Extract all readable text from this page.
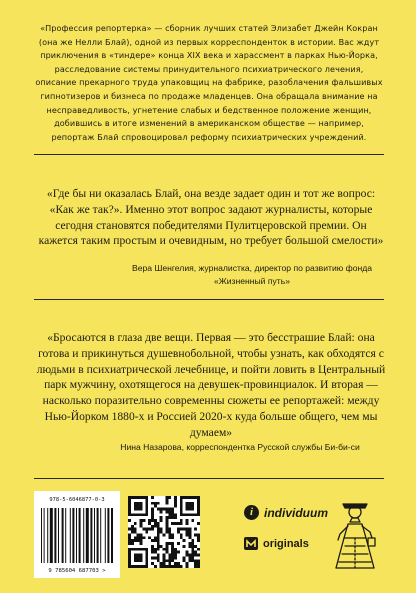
«Профессия репортерка» — сборник лучших статей Элизабет Джейн Кокран (она же Нелли Блай), одной из первых корреспонденток в истории. Вас ждут приключения в «тиндере» конца XIX века и харассмент в парках Нью-Йорка, расследование системы принудительного психиатрического лечения, описание прекарного труда упаковщиц на фабрике, разоблачения фальшивых гипнотизеров и бизнеса по продаже младенцев. Она обращала внимание на несправедливость, угнетение слабых и бедственное положение женщин, добившись в итоге изменений в американском обществе — например, репортаж Блай спровоцировал реформу психиатрических учреждений.

«Где бы ни оказалась Блай, она везде задает один и тот же вопрос: «Как же так?». Именно этот вопрос задают журналисты, которые сегодня становятся победителями Пулитцеровской премии. Он кажется таким простым и очевидным, но требует большой смелости»

Вера Шенгелия, журналистка, директор по развитию фонда «Жизненный путь»

«Бросаются в глаза две вещи. Первая — это бесстрашие Блай: она готова и прикинуться душевнобольной, чтобы узнать, как обходятся с людьми в психиатрической лечебнице, и пойти ловить в Центральный парк мужчину, охотящегося на девушек-провинциалок. И вторая — насколько поразительно современны сюжеты ее репортажей: между Нью-Йорком 1880-х и Россией 2020-х куда больше общего, чем мы думаем»

Нина Назарова, корреспондентка Русской службы Би-би-си

978-5-6046877-0-3
9 785604 687703 >
i individuum
originals
